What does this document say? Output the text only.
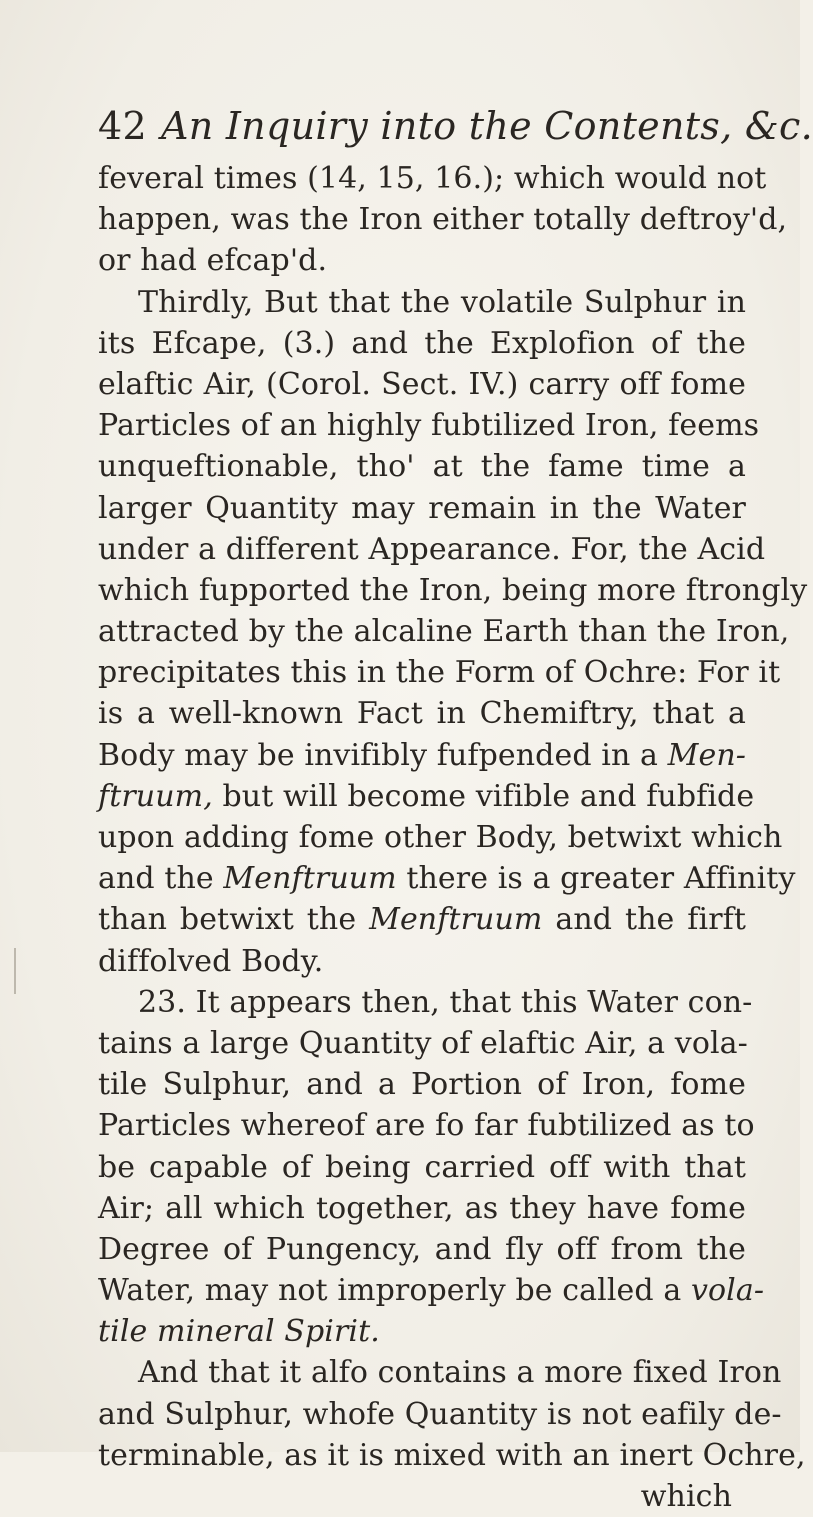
42 An Inquiry into the Contents, &c.
feveral times (14, 15, 16.); which would not
happen, was the Iron either totally deftroy'd,
or had efcap'd.
Thirdly, But that the volatile Sulphur in
its Efcape, (3.) and the Explofion of the
elaftic Air, (Corol. Sect. IV.) carry off fome
Particles of an highly fubtilized Iron, feems
unqueftionable, tho' at the fame time a
larger Quantity may remain in the Water
under a different Appearance. For, the Acid
which fupported the Iron, being more ftrongly
attracted by the alcaline Earth than the Iron,
precipitates this in the Form of Ochre: For it
is a well-known Fact in Chemiftry, that a
Body may be invifibly fufpended in a Men-
ftruum, but will become vifible and fubfide
upon adding fome other Body, betwixt which
and the Menftruum there is a greater Affinity
than betwixt the Menftruum and the firft
diffolved Body.
23. It appears then, that this Water con-
tains a large Quantity of elaftic Air, a vola-
tile Sulphur, and a Portion of Iron, fome
Particles whereof are fo far fubtilized as to
be capable of being carried off with that
Air; all which together, as they have fome
Degree of Pungency, and fly off from the
Water, may not improperly be called a vola-
tile mineral Spirit.
And that it alfo contains a more fixed Iron
and Sulphur, whofe Quantity is not eafily de-
terminable, as it is mixed with an inert Ochre,
which
